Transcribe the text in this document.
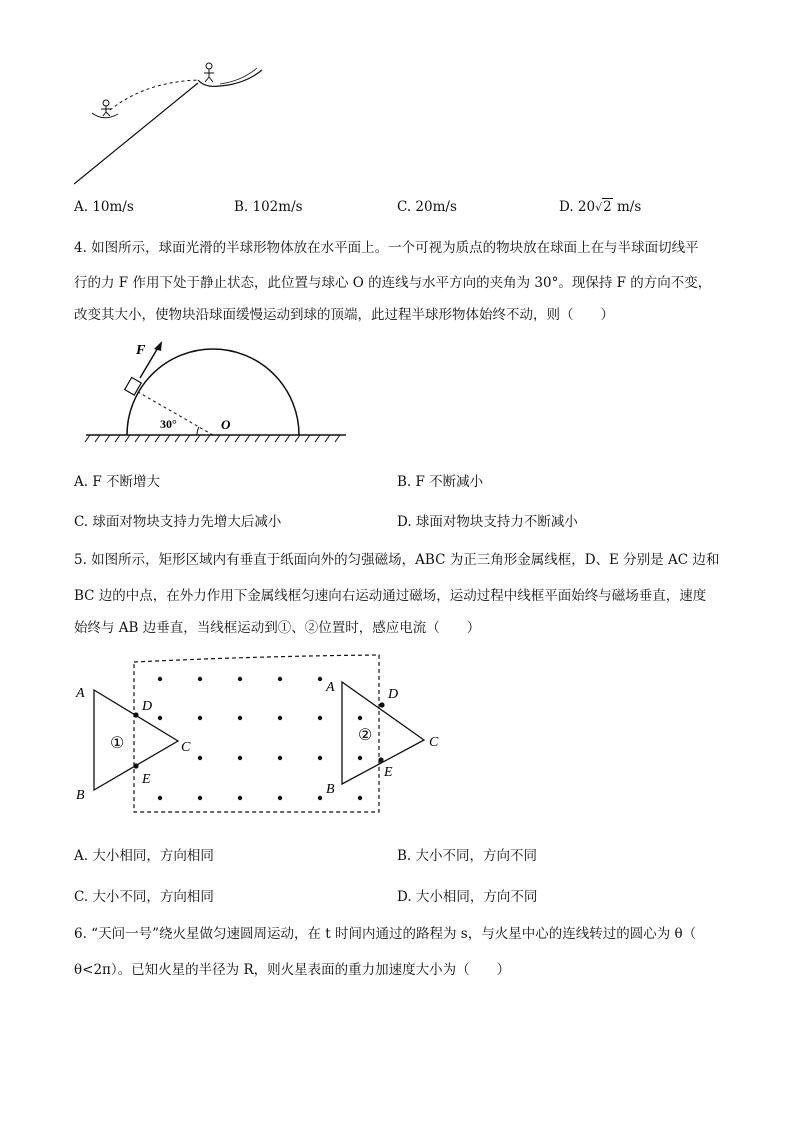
A. 10m/s	B. 102m/s	C. 20m/s	D. 20√2 m/s
4. 如图所示，球面光滑的半球形物体放在水平面上。一个可视为质点的物块放在球面上在与半球面切线平
行的力 F 作用下处于静止状态，此位置与球心 O 的连线与水平方向的夹角为 30°。现保持 F 的方向不变，
改变其大小，使物块沿球面缓慢运动到球的顶端，此过程半球形物体始终不动，则（　　）
F
30°	O
A. F 不断增大	B. F 不断减小
C. 球面对物块支持力先增大后减小	D. 球面对物块支持力不断减小
5. 如图所示，矩形区域内有垂直于纸面向外的匀强磁场，ABC 为正三角形金属线框，D、E 分别是 AC 边和
BC 边的中点，在外力作用下金属线框匀速向右运动通过磁场，运动过程中线框平面始终与磁场垂直，速度
始终与 AB 边垂直，当线框运动到①、②位置时，感应电流（　　）
A
B
C
D
E
①
A
B
C
D
E
②
A. 大小相同，方向相同	B. 大小不同，方向不同
C. 大小不同，方向相同	D. 大小相同，方向不同
6. “天问一号”绕火星做匀速圆周运动，在 t 时间内通过的路程为 s，与火星中心的连线转过的圆心为 θ（
θ<2π）。已知火星的半径为 R，则火星表面的重力加速度大小为（　　）
